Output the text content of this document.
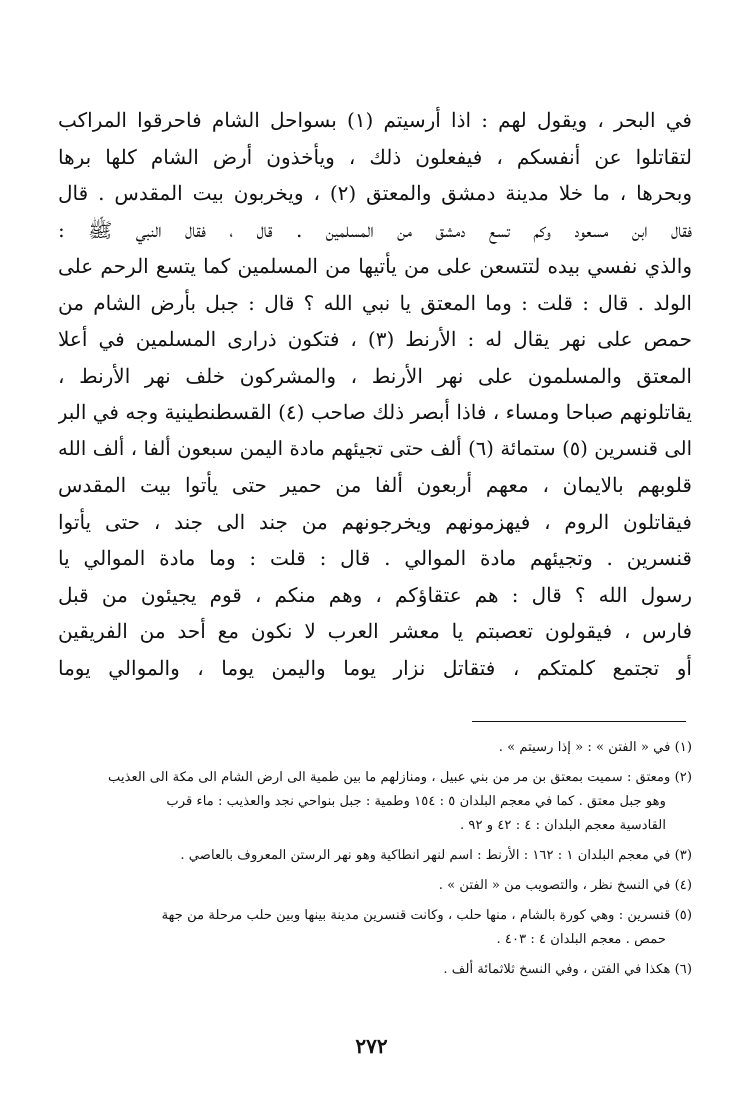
في البحر ، ويقول لهم : اذا أرسيتم (١) بسواحل الشام فاحرقوا المراكب
لتقاتلوا عن أنفسكم ، فيفعلون ذلك ، ويأخذون أرض الشام كلها برها
وبحرها ، ما خلا مدينة دمشق والمعتق (٢) ، ويخربون بيت المقدس . قال
فقال ابن مسعود وكم تسع دمشق من المسلمين . قال ، فقال النبي ﷺ :
والذي نفسي بيده لتتسعن على من يأتيها من المسلمين كما يتسع الرحم على
الولد . قال : قلت : وما المعتق يا نبي الله ؟ قال : جبل بأرض الشام من
حمص على نهر يقال له : الأرنط (٣) ، فتكون ذرارى المسلمين في أعلا
المعتق والمسلمون على نهر الأرنط ، والمشركون خلف نهر الأرنط ،
يقاتلونهم صباحا ومساء ، فاذا أبصر ذلك صاحب (٤) القسطنطينية وجه في البر
الى قنسرين (٥) ستمائة (٦) ألف حتى تجيئهم مادة اليمن سبعون ألفا ، ألف الله
قلوبهم بالايمان ، معهم أربعون ألفا من حمير حتى يأتوا بيت المقدس
فيقاتلون الروم ، فيهزمونهم ويخرجونهم من جند الى جند ، حتى يأتوا
قنسرين . وتجيئهم مادة الموالي . قال : قلت : وما مادة الموالي يا
رسول الله ؟ قال : هم عتقاؤكم ، وهم منكم ، قوم يجيئون من قبل
فارس ، فيقولون تعصبتم يا معشر العرب لا نكون مع أحد من الفريقين
أو تجتمع كلمتكم ، فتقاتل نزار يوما واليمن يوما ، والموالي يوما
(١) في « الفتن » : « إذا رسيتم » .
(٢) ومعتق : سميت بمعتق بن مر من بني عبيل ، ومنازلهم ما بين طمية الى ارض الشام الى مكة الى العذيب
وهو جبل معتق . كما في معجم البلدان ٥ : ١٥٤ وطمية : جبل بنواحي نجد والعذيب : ماء قرب
القادسية معجم البلدان : ٤ : ٤٢ و ٩٢ .
(٣) في معجم البلدان ١ : ١٦٢ : الأرنط : اسم لنهر انطاكية وهو نهر الرستن المعروف بالعاصي .
(٤) في النسخ نظر ، والتصويب من « الفتن » .
(٥) قنسرين : وهي كورة بالشام ، منها حلب ، وكانت قنسرين مدينة بينها وبين حلب مرحلة من جهة
حمص . معجم البلدان ٤ : ٤٠٣ .
(٦) هكذا في الفتن ، وفي النسخ ثلاثمائة ألف .
٢٧٢
